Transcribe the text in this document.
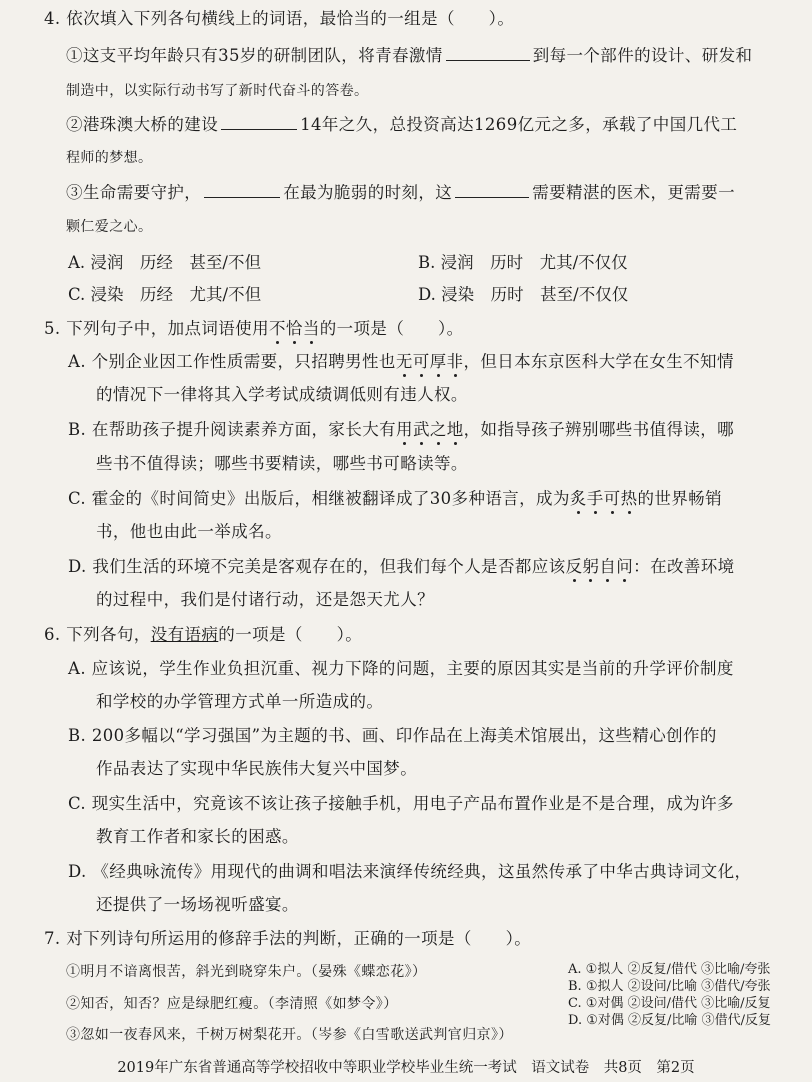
4. 依次填入下列各句横线上的词语，最恰当的一组是（　　）。
①这支平均年龄只有35岁的研制团队，将青春激情	到每一个部件的设计、研发和
制造中，以实际行动书写了新时代奋斗的答卷。
②港珠澳大桥的建设	14年之久，总投资高达1269亿元之多，承载了中国几代工
程师的梦想。
③生命需要守护，	在最为脆弱的时刻，这	需要精湛的医术，更需要一
颗仁爱之心。
A. 浸润　历经　甚至/不但	B. 浸润　历时　尤其/不仅仅
C. 浸染　历经　尤其/不但	D. 浸染　历时　甚至/不仅仅
5. 下列句子中，加点词语使用不恰当的一项是（　　）。
A. 个别企业因工作性质需要，只招聘男性也无可厚非，但日本东京医科大学在女生不知情
的情况下一律将其入学考试成绩调低则有违人权。
B. 在帮助孩子提升阅读素养方面，家长大有用武之地，如指导孩子辨别哪些书值得读，哪
些书不值得读；哪些书要精读，哪些书可略读等。
C. 霍金的《时间简史》出版后，相继被翻译成了30多种语言，成为炙手可热的世界畅销
书，他也由此一举成名。
D. 我们生活的环境不完美是客观存在的，但我们每个人是否都应该反躬自问：在改善环境
的过程中，我们是付诸行动，还是怨天尤人？
6. 下列各句，没有语病的一项是（　　）。
A. 应该说，学生作业负担沉重、视力下降的问题，主要的原因其实是当前的升学评价制度
和学校的办学管理方式单一所造成的。
B. 200多幅以“学习强国”为主题的书、画、印作品在上海美术馆展出，这些精心创作的
作品表达了实现中华民族伟大复兴中国梦。
C. 现实生活中，究竟该不该让孩子接触手机，用电子产品布置作业是不是合理，成为许多
教育工作者和家长的困惑。
D. 《经典咏流传》用现代的曲调和唱法来演绎传统经典，这虽然传承了中华古典诗词文化，
还提供了一场场视听盛宴。
7. 对下列诗句所运用的修辞手法的判断，正确的一项是（　　）。
①明月不谙离恨苦，斜光到晓穿朱户。（晏殊《蝶恋花》）
②知否，知否？应是绿肥红瘦。（李清照《如梦令》）
③忽如一夜春风来，千树万树梨花开。（岑参《白雪歌送武判官归京》）
A. ①拟人 ②反复/借代 ③比喻/夸张
B. ①拟人 ②设问/比喻 ③借代/夸张
C. ①对偶 ②设问/借代 ③比喻/反复
D. ①对偶 ②反复/比喻 ③借代/反复
2019年广东省普通高等学校招收中等职业学校毕业生统一考试　语文试卷　共8页　第2页
